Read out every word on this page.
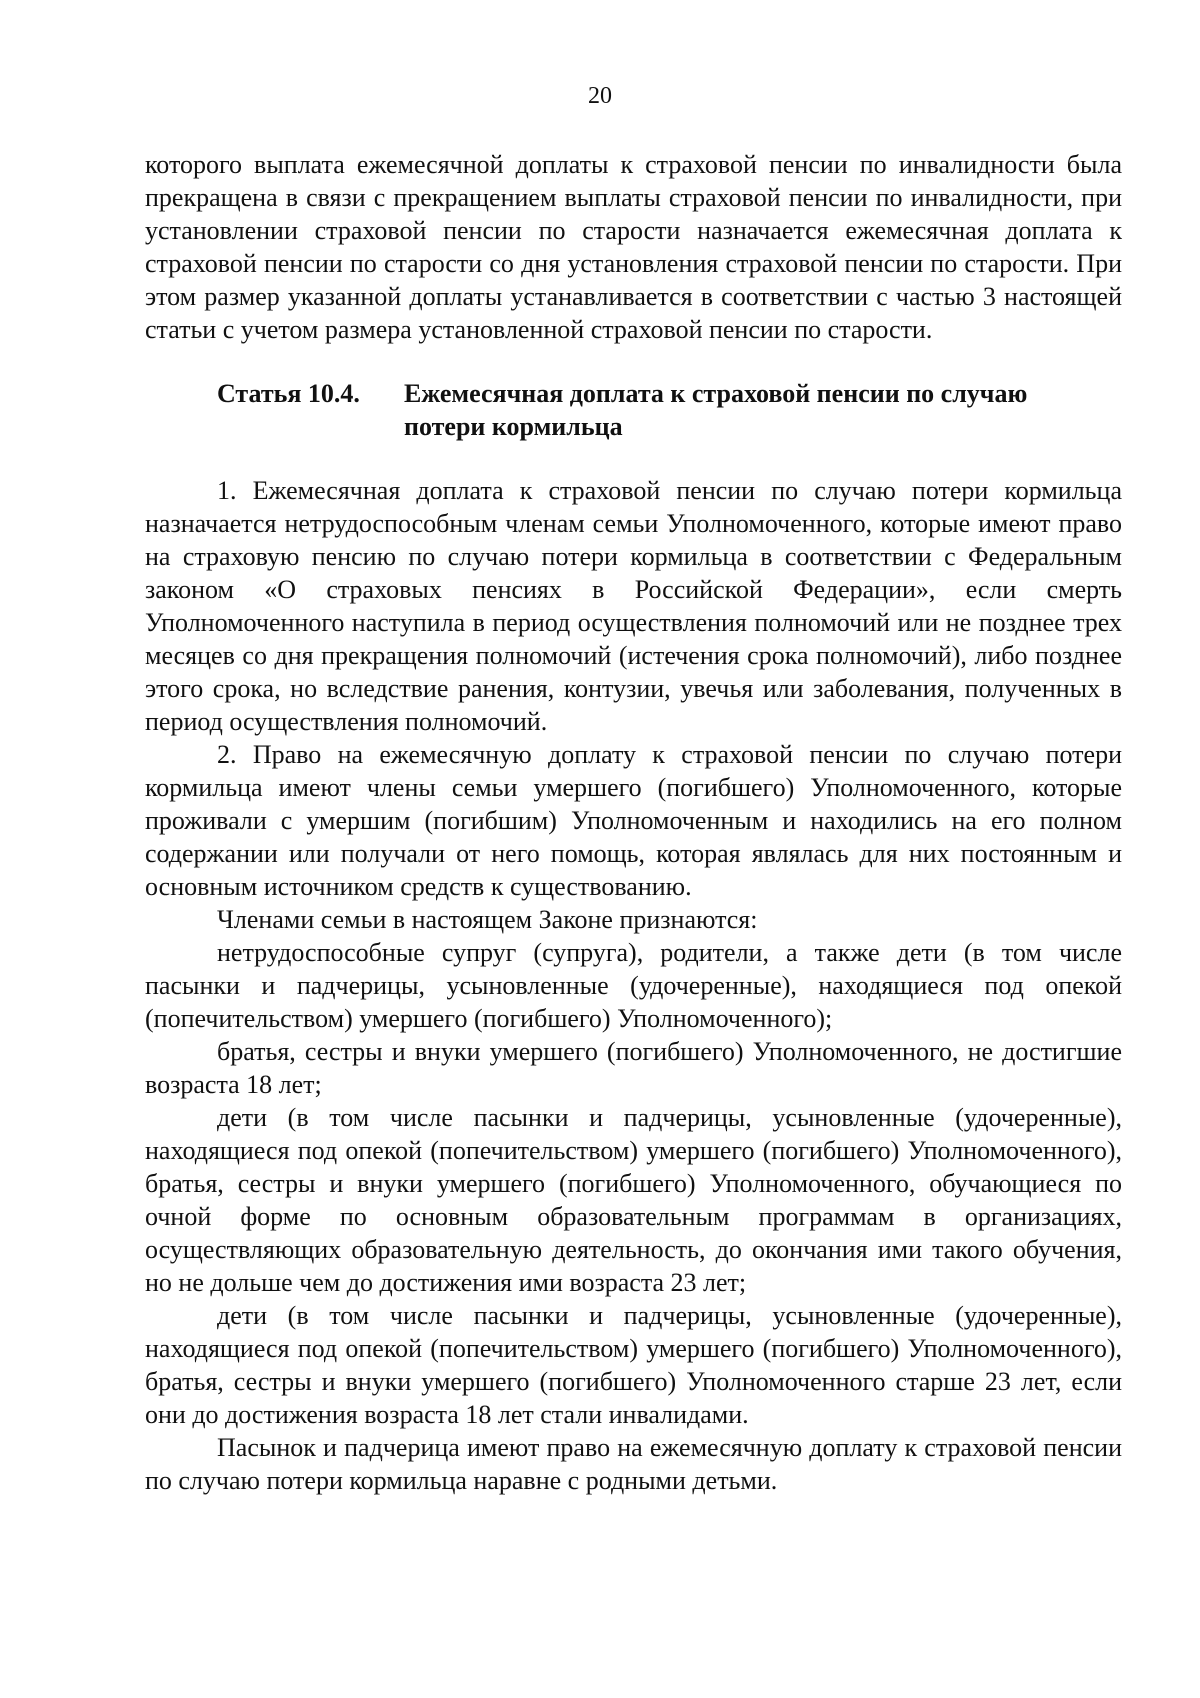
20

которого выплата ежемесячной доплаты к страховой пенсии по инвалидности была прекращена в связи с прекращением выплаты страховой пенсии по инвалидности, при установлении страховой пенсии по старости назначается ежемесячная доплата к страховой пенсии по старости со дня установления страховой пенсии по старости. При этом размер указанной доплаты устанавливается в соответствии с частью 3 настоящей статьи с учетом размера установленной страховой пенсии по старости.

Статья 10.4.	Ежемесячная доплата к страховой пенсии по случаю потери кормильца

1. Ежемесячная доплата к страховой пенсии по случаю потери кормильца назначается нетрудоспособным членам семьи Уполномоченного, которые имеют право на страховую пенсию по случаю потери кормильца в соответствии с Федеральным законом «О страховых пенсиях в Российской Федерации», если смерть Уполномоченного наступила в период осуществления полномочий или не позднее трех месяцев со дня прекращения полномочий (истечения срока полномочий), либо позднее этого срока, но вследствие ранения, контузии, увечья или заболевания, полученных в период осуществления полномочий.

2. Право на ежемесячную доплату к страховой пенсии по случаю потери кормильца имеют члены семьи умершего (погибшего) Уполномоченного, которые проживали с умершим (погибшим) Уполномоченным и находились на его полном содержании или получали от него помощь, которая являлась для них постоянным и основным источником средств к существованию.

Членами семьи в настоящем Законе признаются:

нетрудоспособные супруг (супруга), родители, а также дети (в том числе пасынки и падчерицы, усыновленные (удочеренные), находящиеся под опекой (попечительством) умершего (погибшего) Уполномоченного);

братья, сестры и внуки умершего (погибшего) Уполномоченного, не достигшие возраста 18 лет;

дети (в том числе пасынки и падчерицы, усыновленные (удочеренные), находящиеся под опекой (попечительством) умершего (погибшего) Уполномоченного), братья, сестры и внуки умершего (погибшего) Уполномоченного, обучающиеся по очной форме по основным образовательным программам в организациях, осуществляющих образовательную деятельность, до окончания ими такого обучения, но не дольше чем до достижения ими возраста 23 лет;

дети (в том числе пасынки и падчерицы, усыновленные (удочеренные), находящиеся под опекой (попечительством) умершего (погибшего) Уполномоченного), братья, сестры и внуки умершего (погибшего) Уполномоченного старше 23 лет, если они до достижения возраста 18 лет стали инвалидами.

Пасынок и падчерица имеют право на ежемесячную доплату к страховой пенсии по случаю потери кормильца наравне с родными детьми.
